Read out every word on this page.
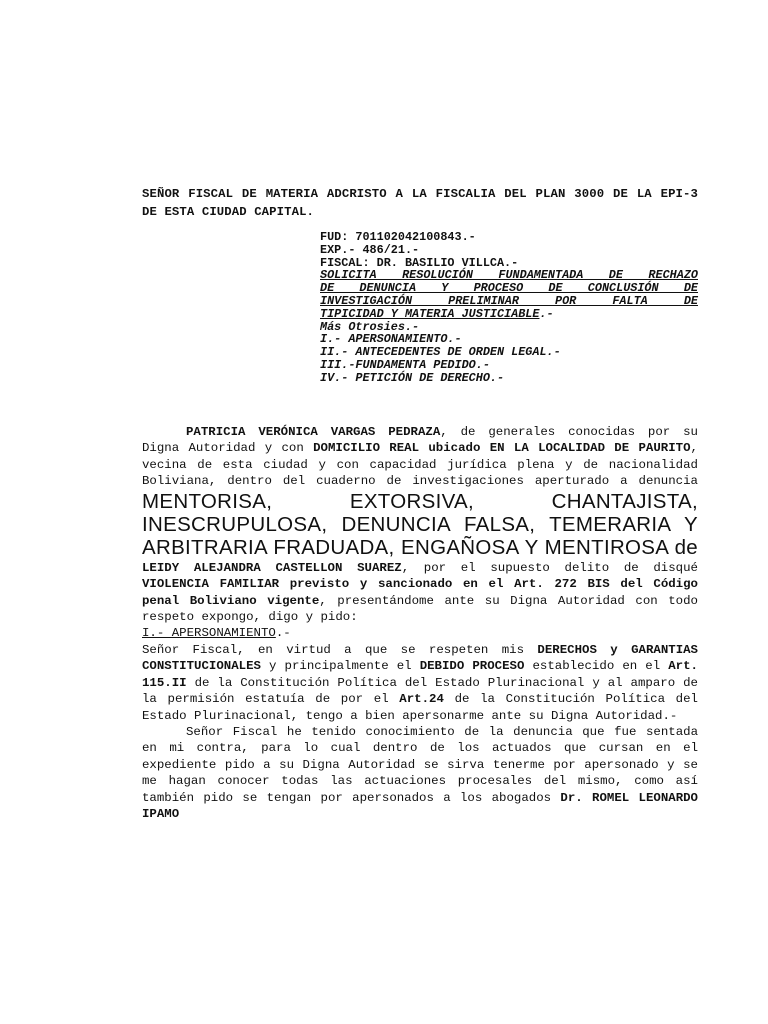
SEÑOR FISCAL DE MATERIA ADCRISTO A LA FISCALIA DEL PLAN 3000 DE LA EPI-3 DE ESTA CIUDAD CAPITAL.
FUD: 701102042100843.-
EXP.- 486/21.-
FISCAL: DR. BASILIO VILLCA.-
SOLICITA RESOLUCIÓN FUNDAMENTADA DE RECHAZO
DE DENUNCIA Y PROCESO DE CONCLUSIÓN DE
INVESTIGACIÓN PRELIMINAR POR FALTA DE
TIPICIDAD Y MATERIA JUSTICIABLE.-
Más Otrosies.-
I.- APERSONAMIENTO.-
II.- ANTECEDENTES DE ORDEN LEGAL.-
III.-FUNDAMENTA PEDIDO.-
IV.- PETICIÓN DE DERECHO.-

PATRICIA VERÓNICA VARGAS PEDRAZA, de generales conocidas por su Digna Autoridad y con DOMICILIO REAL ubicado EN LA LOCALIDAD DE PAURITO, vecina de esta ciudad y con capacidad jurídica plena y de nacionalidad Boliviana, dentro del cuaderno de investigaciones aperturado a denuncia MENTORISA, EXTORSIVA, CHANTAJISTA, INESCRUPULOSA, DENUNCIA FALSA, TEMERARIA Y ARBITRARIA FRADUADA, ENGAÑOSA Y MENTIROSA de LEIDY ALEJANDRA CASTELLON SUAREZ, por el supuesto delito de disqué VIOLENCIA FAMILIAR previsto y sancionado en el Art. 272 BIS del Código penal Boliviano vigente, presentándome ante su Digna Autoridad con todo respeto expongo, digo y pido:

I.- APERSONAMIENTO.-

Señor Fiscal, en virtud a que se respeten mis DERECHOS y GARANTIAS CONSTITUCIONALES y principalmente el DEBIDO PROCESO establecido en el Art. 115.II de la Constitución Política del Estado Plurinacional y al amparo de la permisión estatuía de por el Art.24 de la Constitución Política del Estado Plurinacional, tengo a bien apersonarme ante su Digna Autoridad.-

Señor Fiscal he tenido conocimiento de la denuncia que fue sentada en mi contra, para lo cual dentro de los actuados que cursan en el expediente pido a su Digna Autoridad se sirva tenerme por apersonado y se me hagan conocer todas las actuaciones procesales del mismo, como así también pido se tengan por apersonados a los abogados Dr. ROMEL LEONARDO IPAMO
